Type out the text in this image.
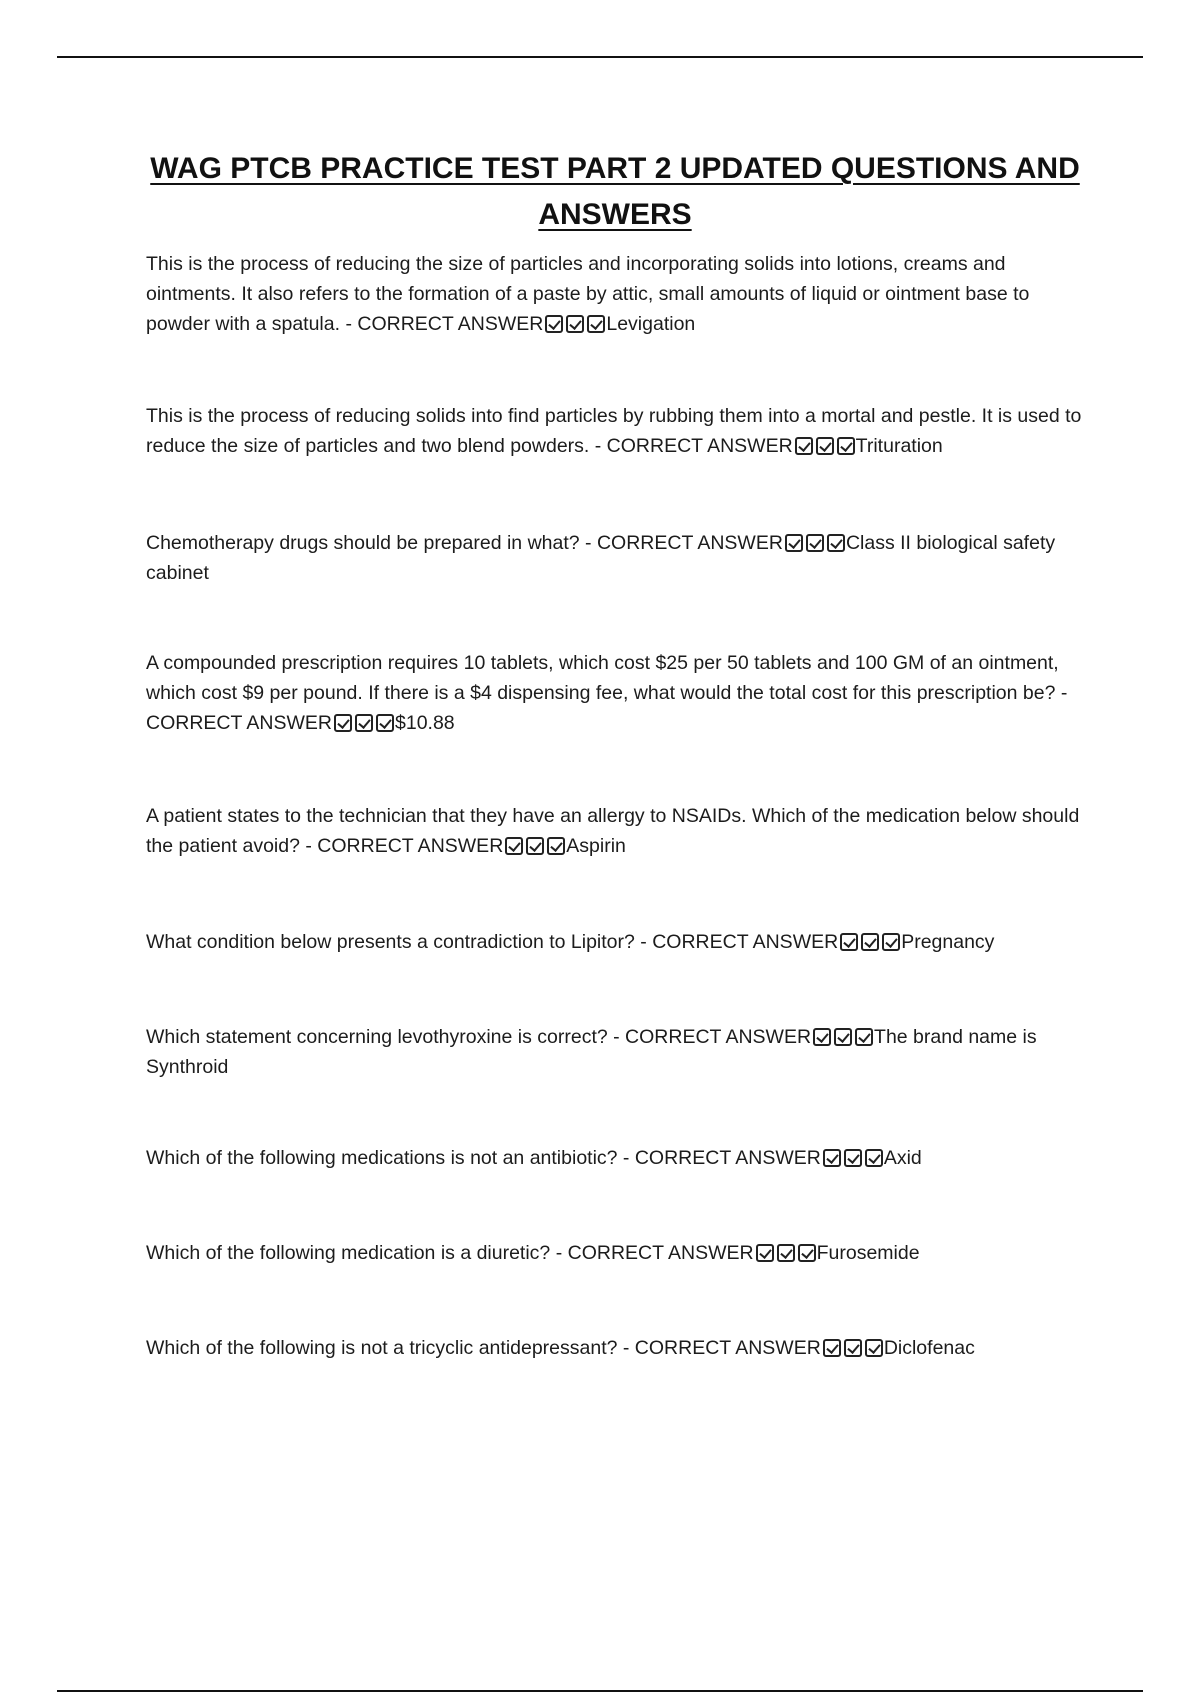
WAG PTCB PRACTICE TEST PART 2 UPDATED QUESTIONS AND
ANSWERS
This is the process of reducing the size of particles and incorporating solids into lotions, creams and ointments. It also refers to the formation of a paste by attic, small amounts of liquid or ointment base to powder with a spatula. - CORRECT ANSWER	Levigation
This is the process of reducing solids into find particles by rubbing them into a mortal and pestle. It is used to reduce the size of particles and two blend powders. - CORRECT ANSWER	Trituration
Chemotherapy drugs should be prepared in what? - CORRECT ANSWER	Class II biological safety cabinet
A compounded prescription requires 10 tablets, which cost $25 per 50 tablets and 100 GM of an ointment, which cost $9 per pound. If there is a $4 dispensing fee, what would the total cost for this prescription be? - CORRECT ANSWER	$10.88
A patient states to the technician that they have an allergy to NSAIDs. Which of the medication below should the patient avoid? - CORRECT ANSWER	Aspirin
What condition below presents a contradiction to Lipitor? - CORRECT ANSWER	Pregnancy
Which statement concerning levothyroxine is correct? - CORRECT ANSWER	The brand name is Synthroid
Which of the following medications is not an antibiotic? - CORRECT ANSWER	Axid
Which of the following medication is a diuretic? - CORRECT ANSWER	Furosemide
Which of the following is not a tricyclic antidepressant? - CORRECT ANSWER	Diclofenac
